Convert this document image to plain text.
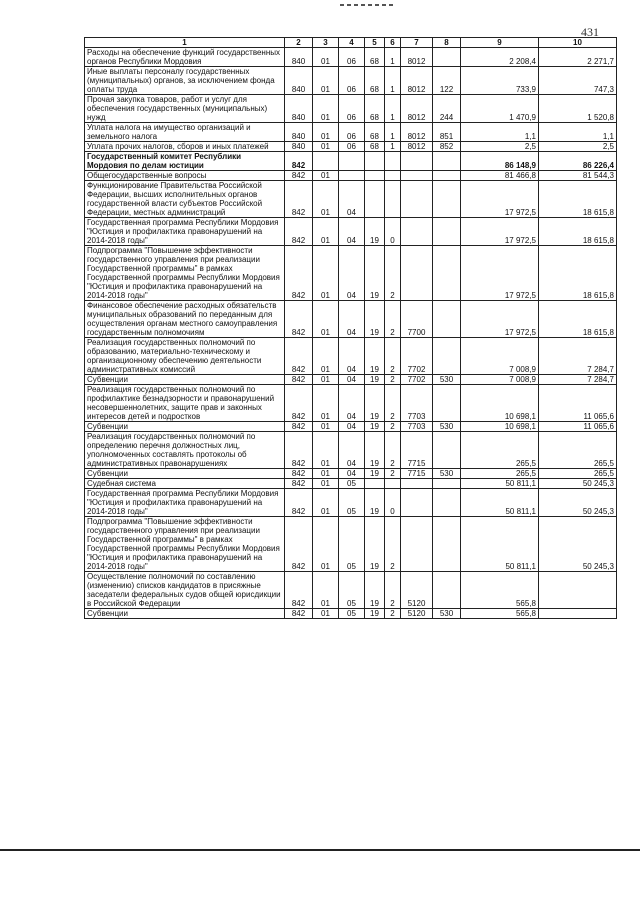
431
1	2	3	4	5	6	7	8	9	10
Расходы на обеспечение функций государственных органов Республики Мордовия	840	01	06	68	1	8012		2 208,4	2 271,7
Иные выплаты персоналу государственных (муниципальных) органов, за исключением фонда оплаты труда	840	01	06	68	1	8012	122	733,9	747,3
Прочая закупка товаров, работ и услуг для обеспечения государственных (муниципальных) нужд	840	01	06	68	1	8012	244	1 470,9	1 520,8
Уплата налога на имущество организаций и земельного налога	840	01	06	68	1	8012	851	1,1	1,1
Уплата прочих налогов, сборов и иных платежей	840	01	06	68	1	8012	852	2,5	2,5
Государственный комитет Республики Мордовия по делам юстиции	842							86 148,9	86 226,4
Общегосударственные вопросы	842	01						81 466,8	81 544,3
Функционирование Правительства Российской Федерации, высших исполнительных органов государственной власти субъектов Российской Федерации, местных администраций	842	01	04					17 972,5	18 615,8
Государственная программа Республики Мордовия "Юстиция и профилактика правонарушений на 2014-2018 годы"	842	01	04	19	0			17 972,5	18 615,8
Подпрограмма "Повышение эффективности государственного управления при реализации Государственной программы" в рамках Государственной программы Республики Мордовия "Юстиция и профилактика правонарушений на 2014-2018 годы"	842	01	04	19	2			17 972,5	18 615,8
Финансовое обеспечение расходных обязательств муниципальных образований по переданным для осуществления органам местного самоуправления государственным полномочиям	842	01	04	19	2	7700		17 972,5	18 615,8
Реализация государственных полномочий по образованию, материально-техническому и организационному обеспечению деятельности административных комиссий	842	01	04	19	2	7702		7 008,9	7 284,7
Субвенции	842	01	04	19	2	7702	530	7 008,9	7 284,7
Реализация государственных полномочий по профилактике безнадзорности и правонарушений несовершеннолетних, защите прав и законных интересов детей и подростков	842	01	04	19	2	7703		10 698,1	11 065,6
Субвенции	842	01	04	19	2	7703	530	10 698,1	11 065,6
Реализация государственных полномочий по определению перечня должностных лиц, уполномоченных составлять протоколы об административных правонарушениях	842	01	04	19	2	7715		265,5	265,5
Субвенции	842	01	04	19	2	7715	530	265,5	265,5
Судебная система	842	01	05					50 811,1	50 245,3
Государственная программа Республики Мордовия "Юстиция и профилактика правонарушений на 2014-2018 годы"	842	01	05	19	0			50 811,1	50 245,3
Подпрограмма "Повышение эффективности государственного управления при реализации Государственной программы" в рамках Государственной программы Республики Мордовия "Юстиция и профилактика правонарушений на 2014-2018 годы"	842	01	05	19	2			50 811,1	50 245,3
Осуществление полномочий по составлению (изменению) списков кандидатов в присяжные заседатели федеральных судов общей юрисдикции в Российской Федерации	842	01	05	19	2	5120		565,8	
Субвенции	842	01	05	19	2	5120	530	565,8	
